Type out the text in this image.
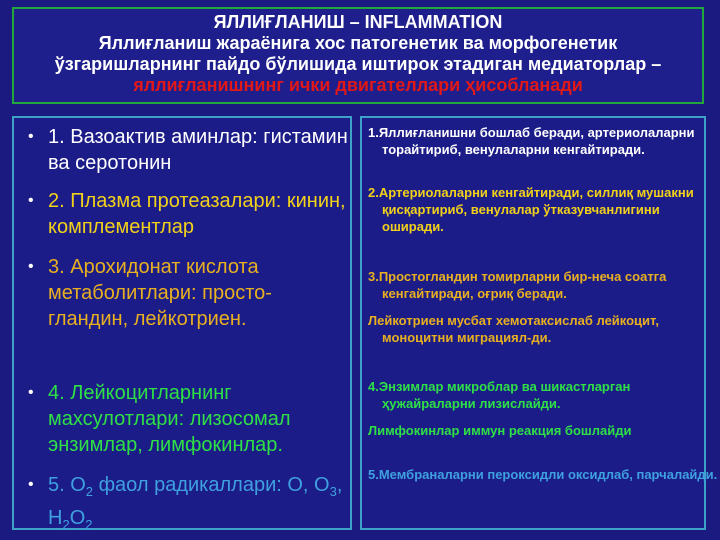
ЯЛЛИҒЛАНИШ – INFLAMMATION
Яллиғланиш жараёнига хос патогенетик ва морфогенетик
ўзгаришларнинг пайдо бўлишида иштирок этадиган медиаторлар –
яллиғланишнинг ички двигателлари ҳисобланади
• 1. Вазоактив аминлар: гистамин ва серотонин
• 2. Плазма протеазалари: кинин, комплементлар
• 3. Арохидонат кислота метаболитлари: просто-гландин, лейкотриен.
• 4. Лейкоцитларнинг махсулотлари: лизосомал энзимлар, лимфокинлар.
• 5. $О_2$ фаол радикаллари: О, $О_3$, $Н_2О_2$
1.Яллиғланишни бошлаб беради, артериолаларни торайтириб, венулаларни кенгайтиради.
2.Артериолаларни кенгайтиради, силлиқ мушакни қисқартириб, венулалар ўтказувчанлигини оширади.
3.Простогландин томирларни бир-неча соатга кенгайтиради, оғриқ беради.
Лейкотриен мусбат хемотаксислаб лейкоцит, моноцитни миграциял-ди.
4.Энзимлар микроблар ва шикастларган ҳужайраларни лизислайди.
Лимфокинлар иммун реакция бошлайди
5.Мембраналарни пероксидли оксидлаб, парчалайди.
